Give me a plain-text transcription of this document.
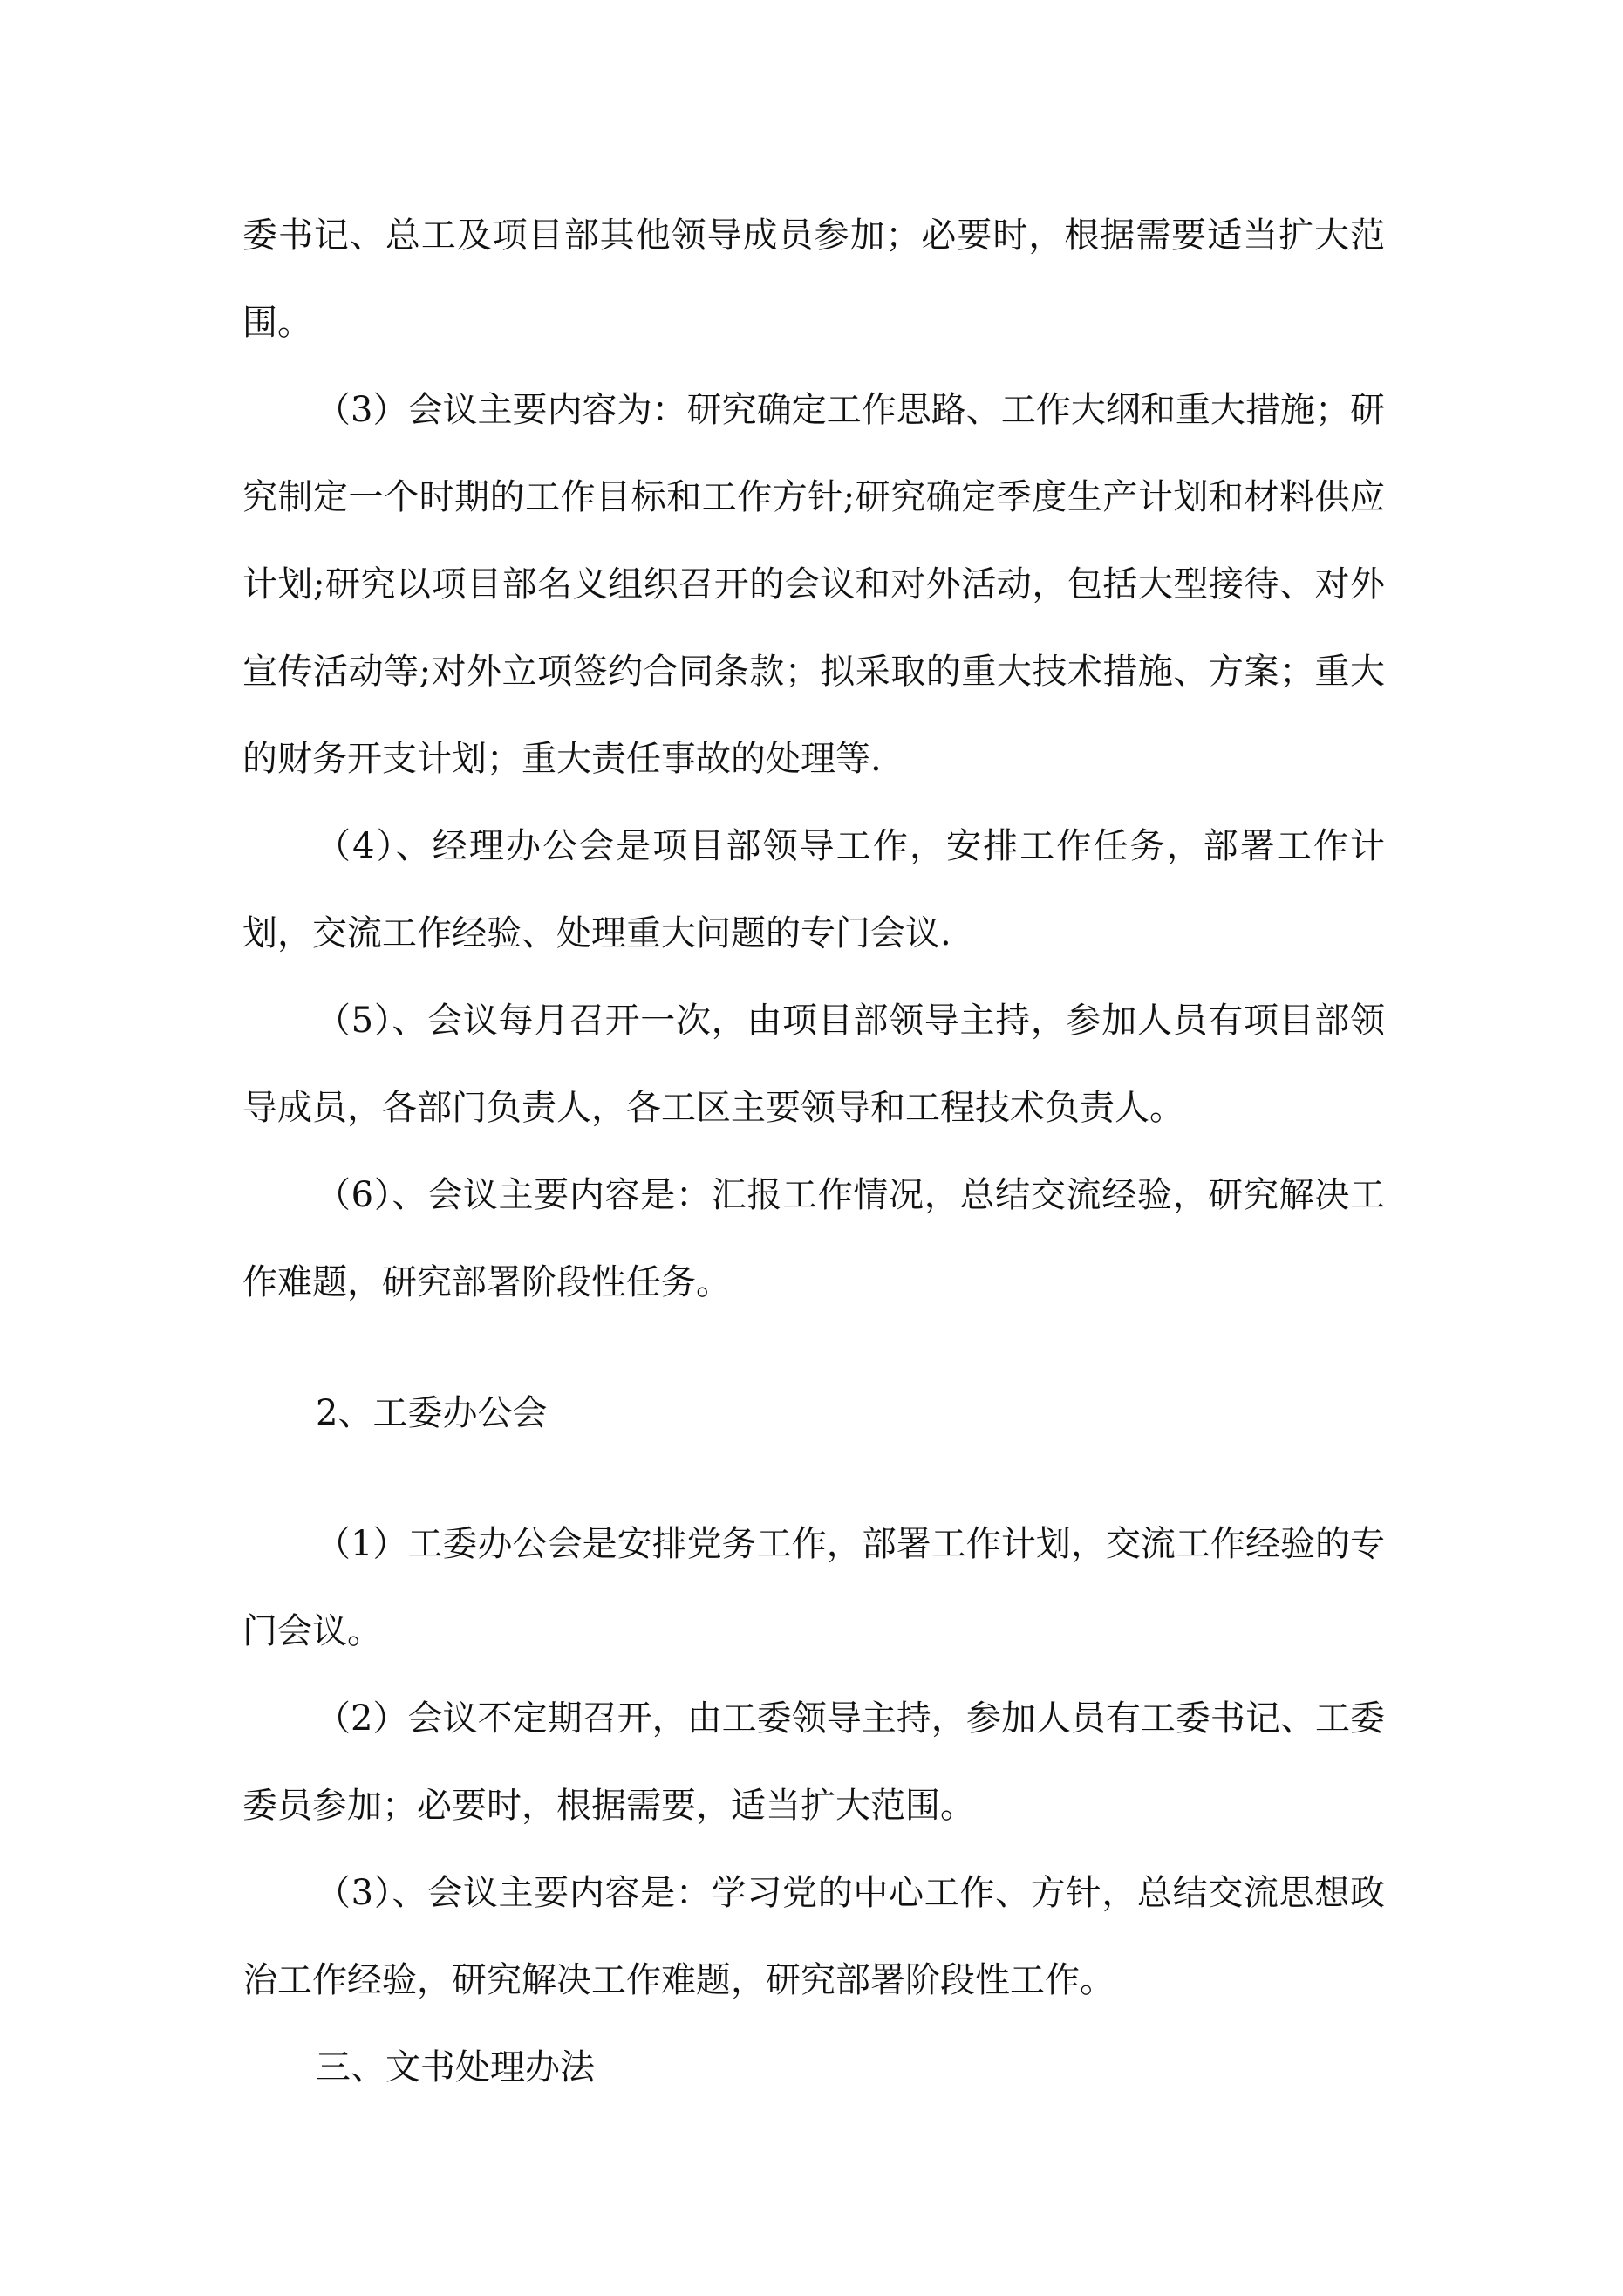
委书记、总工及项目部其他领导成员参加；必要时，根据需要适当扩大范围。

（3）会议主要内容为：研究确定工作思路、工作大纲和重大措施；研究制定一个时期的工作目标和工作方针;研究确定季度生产计划和材料供应计划;研究以项目部名义组织召开的会议和对外活动，包括大型接待、对外宣传活动等;对外立项签约合同条款；拟采取的重大技术措施、方案；重大的财务开支计划；重大责任事故的处理等.

（4）、经理办公会是项目部领导工作，安排工作任务，部署工作计划，交流工作经验、处理重大问题的专门会议.

（5）、会议每月召开一次，由项目部领导主持，参加人员有项目部领导成员，各部门负责人，各工区主要领导和工程技术负责人。

（6）、会议主要内容是：汇报工作情况，总结交流经验，研究解决工作难题，研究部署阶段性任务。

2、工委办公会

（1）工委办公会是安排党务工作，部署工作计划，交流工作经验的专门会议。

（2）会议不定期召开，由工委领导主持，参加人员有工委书记、工委委员参加；必要时，根据需要，适当扩大范围。

（3）、会议主要内容是：学习党的中心工作、方针，总结交流思想政治工作经验，研究解决工作难题，研究部署阶段性工作。

三、文书处理办法
